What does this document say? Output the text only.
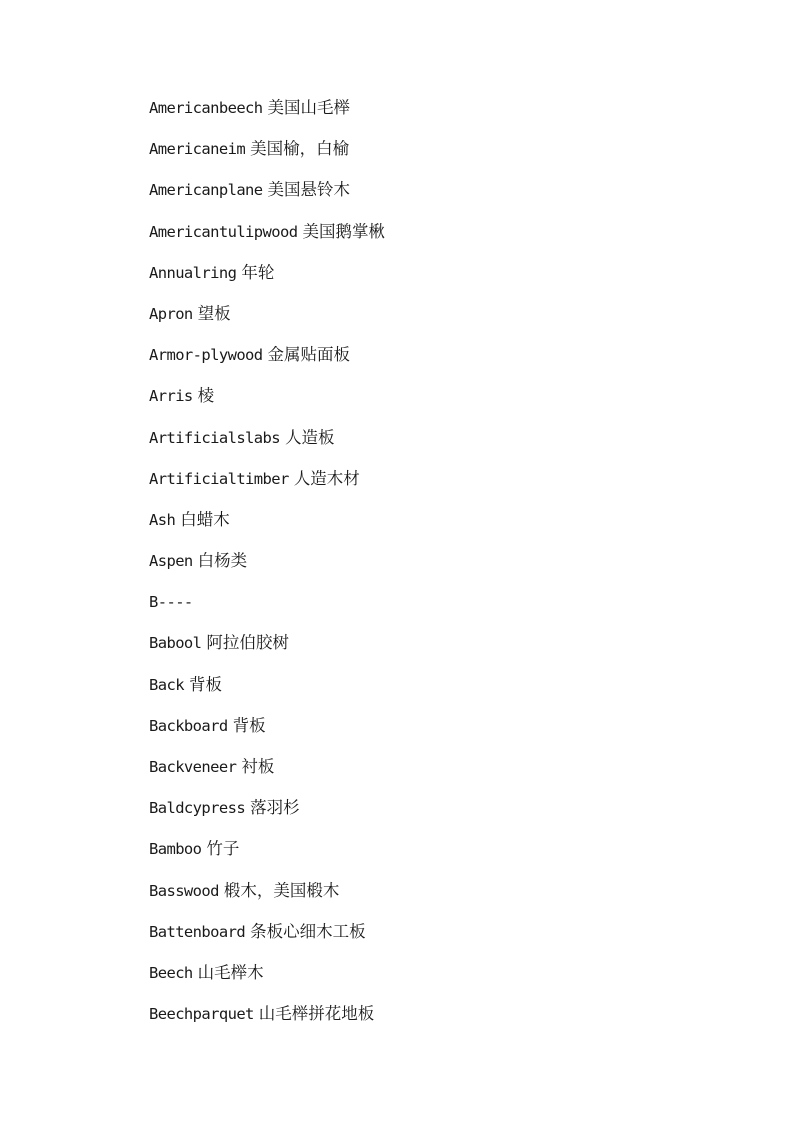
Americanbeech 美国山毛榉
Americaneim 美国榆，白榆
Americanplane 美国悬铃木
Americantulipwood 美国鹅掌楸
Annualring 年轮
Apron 望板
Armor-plywood 金属贴面板
Arris 棱
Artificialslabs 人造板
Artificialtimber 人造木材
Ash 白蜡木
Aspen 白杨类
B----
Babool 阿拉伯胶树
Back 背板
Backboard 背板
Backveneer 衬板
Baldcypress 落羽杉
Bamboo 竹子
Basswood 椴木，美国椴木
Battenboard 条板心细木工板
Beech 山毛榉木
Beechparquet 山毛榉拼花地板
